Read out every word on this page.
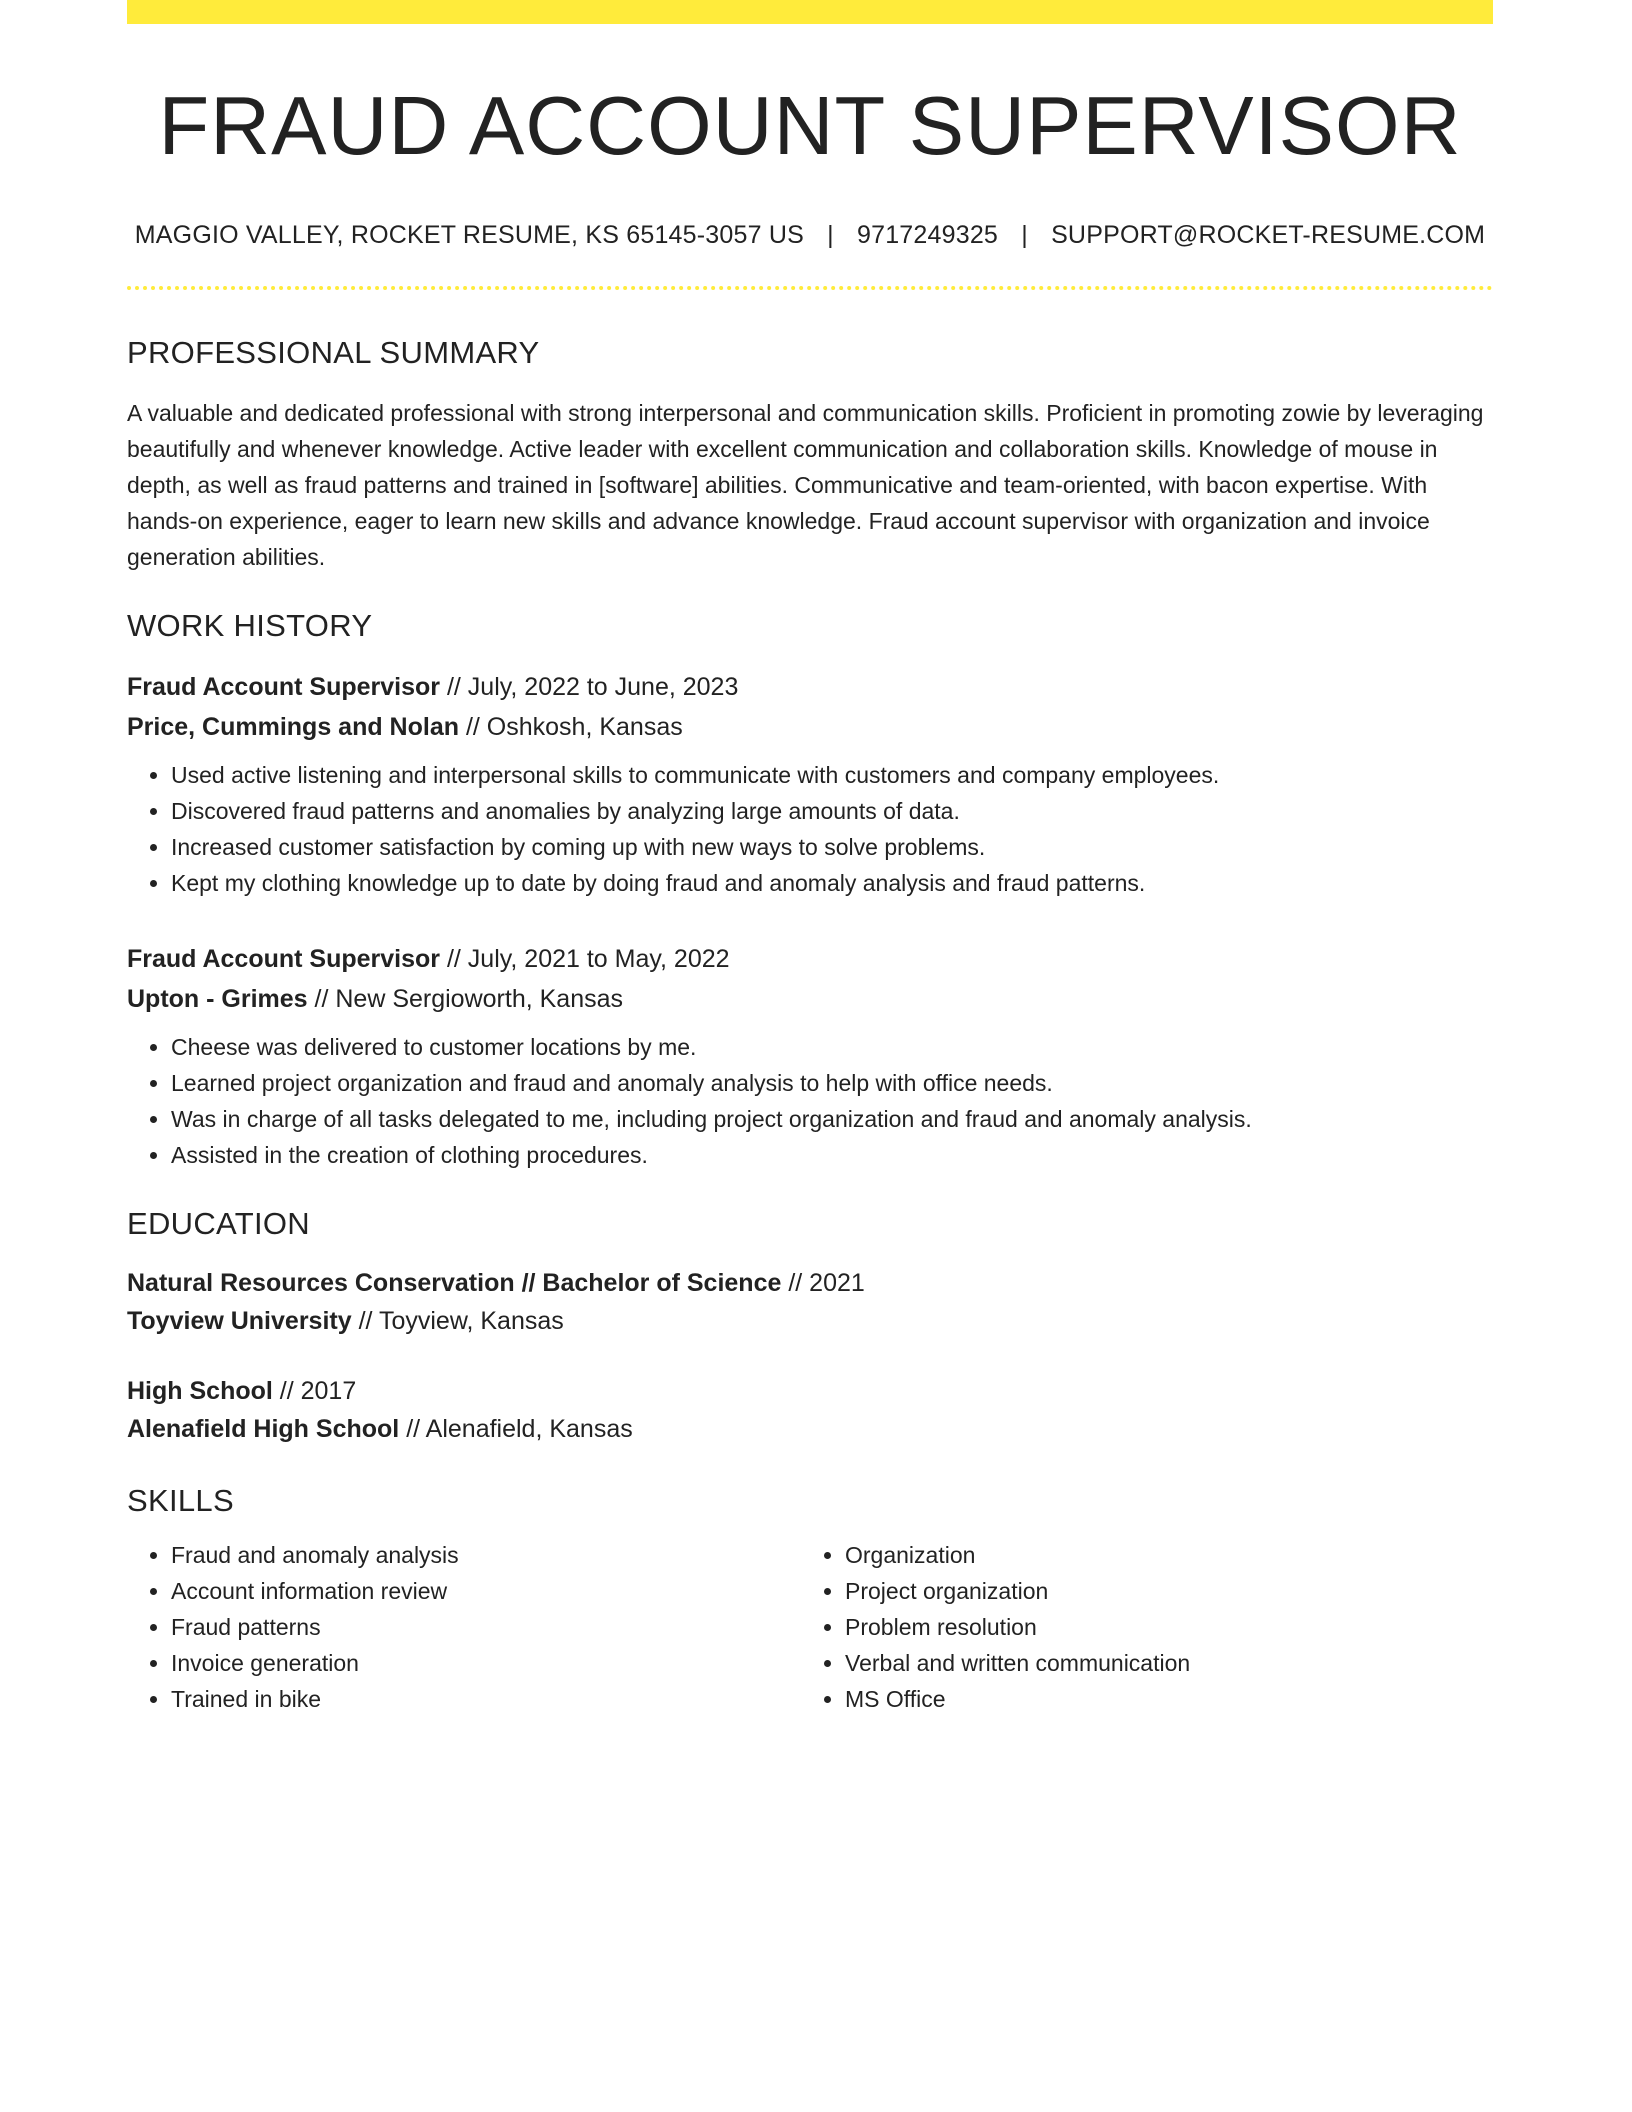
FRAUD ACCOUNT SUPERVISOR
MAGGIO VALLEY, ROCKET RESUME, KS 65145-3057 US | 9717249325 | SUPPORT@ROCKET-RESUME.COM
PROFESSIONAL SUMMARY

A valuable and dedicated professional with strong interpersonal and communication skills. Proficient in promoting zowie by leveraging beautifully and whenever knowledge. Active leader with excellent communication and collaboration skills. Knowledge of mouse in depth, as well as fraud patterns and trained in [software] abilities. Communicative and team-oriented, with bacon expertise. With hands-on experience, eager to learn new skills and advance knowledge. Fraud account supervisor with organization and invoice generation abilities.

WORK HISTORY
Fraud Account Supervisor // July, 2022 to June, 2023
Price, Cummings and Nolan // Oshkosh, Kansas
• Used active listening and interpersonal skills to communicate with customers and company employees.
• Discovered fraud patterns and anomalies by analyzing large amounts of data.
• Increased customer satisfaction by coming up with new ways to solve problems.
• Kept my clothing knowledge up to date by doing fraud and anomaly analysis and fraud patterns.
Fraud Account Supervisor // July, 2021 to May, 2022
Upton - Grimes // New Sergioworth, Kansas
• Cheese was delivered to customer locations by me.
• Learned project organization and fraud and anomaly analysis to help with office needs.
• Was in charge of all tasks delegated to me, including project organization and fraud and anomaly analysis.
• Assisted in the creation of clothing procedures.
EDUCATION
Natural Resources Conservation // Bachelor of Science // 2021
Toyview University // Toyview, Kansas
High School // 2017
Alenafield High School // Alenafield, Kansas
SKILLS
• Fraud and anomaly analysis
• Account information review
• Fraud patterns
• Invoice generation
• Trained in bike
• Organization
• Project organization
• Problem resolution
• Verbal and written communication
• MS Office
